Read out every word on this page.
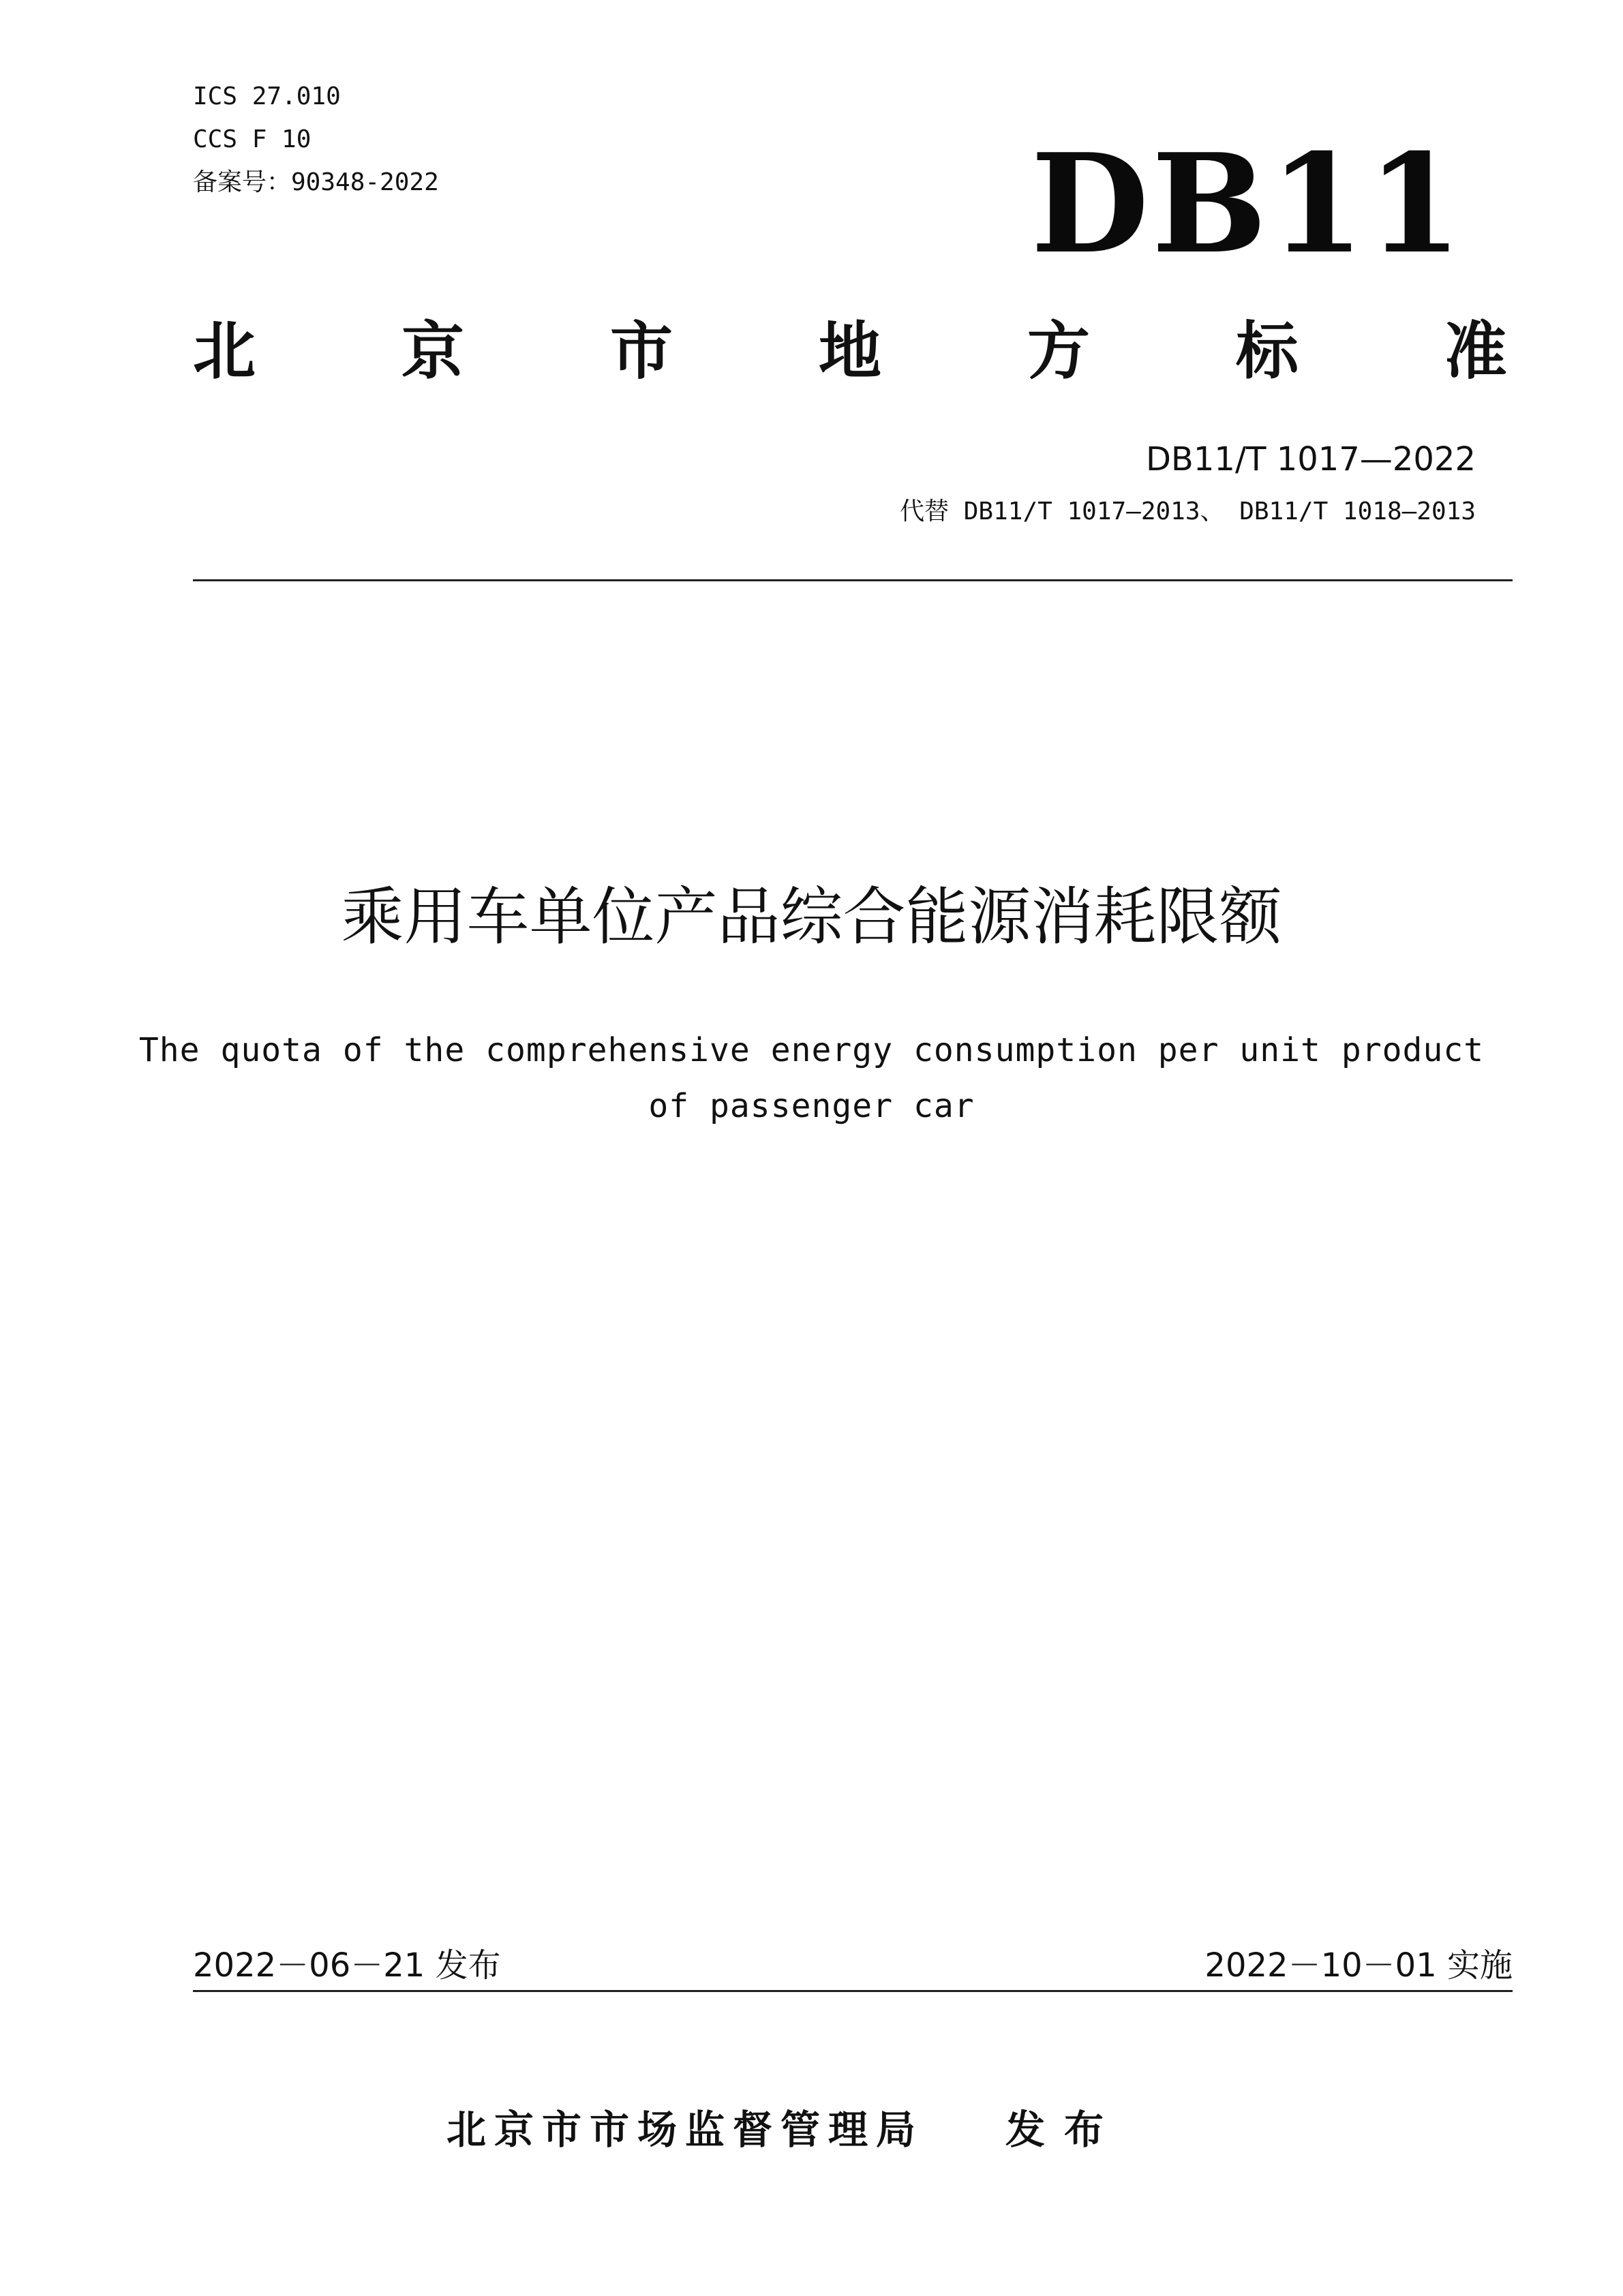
ICS 27.010
CCS F 10
备案号：90348-2022	DB11
北 京 市 地 方 标 准
DB11/T 1017—2022
代替 DB11/T 1017—2013、 DB11/T 1018—2013
乘用车单位产品综合能源消耗限额
The quota of the comprehensive energy consumption per unit product of passenger car
2022－06－21 发布	2022－10－01 实施
北京市市场监督管理局 发布
